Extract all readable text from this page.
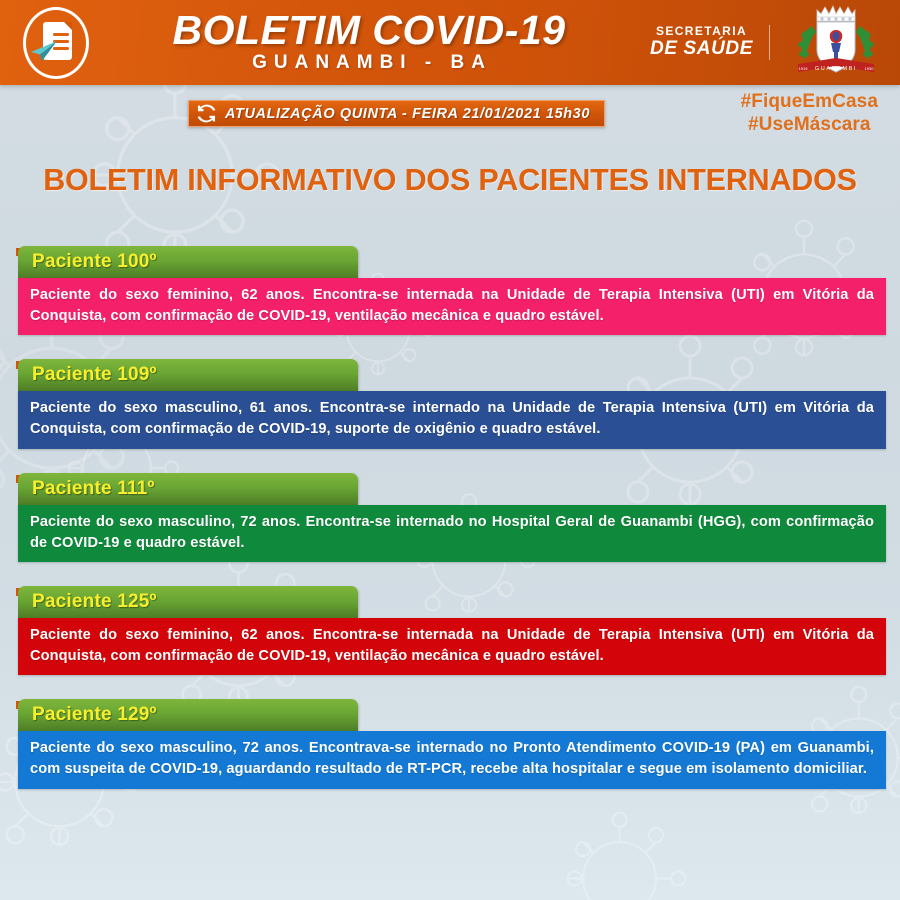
BOLETIM COVID-19
GUANAMBI - BA
SECRETARIA
DE SAÚDE
GUANAMBI
1919	1930
ATUALIZAÇÃO QUINTA - FEIRA 21/01/2021 15h30
#FiqueEmCasa
#UseMáscara
BOLETIM INFORMATIVO DOS PACIENTES INTERNADOS
Paciente 100º
Paciente do sexo feminino, 62 anos. Encontra-se internada na Unidade de Terapia Intensiva (UTI) em Vitória da Conquista, com confirmação de COVID-19, ventilação mecânica e quadro estável.
Paciente 109º
Paciente do sexo masculino, 61 anos. Encontra-se internado na Unidade de Terapia Intensiva (UTI) em Vitória da Conquista, com confirmação de COVID-19, suporte de oxigênio e quadro estável.
Paciente 111º
Paciente do sexo masculino, 72 anos. Encontra-se internado no Hospital Geral de Guanambi (HGG), com confirmação de COVID-19 e quadro estável.
Paciente 125º
Paciente do sexo feminino, 62 anos. Encontra-se internada na Unidade de Terapia Intensiva (UTI) em Vitória da Conquista, com confirmação de COVID-19, ventilação mecânica e quadro estável.
Paciente 129º
Paciente do sexo masculino, 72 anos. Encontrava-se internado no Pronto Atendimento COVID-19 (PA) em Guanambi, com suspeita de COVID-19, aguardando resultado de RT-PCR, recebe alta hospitalar e segue em isolamento domiciliar.
